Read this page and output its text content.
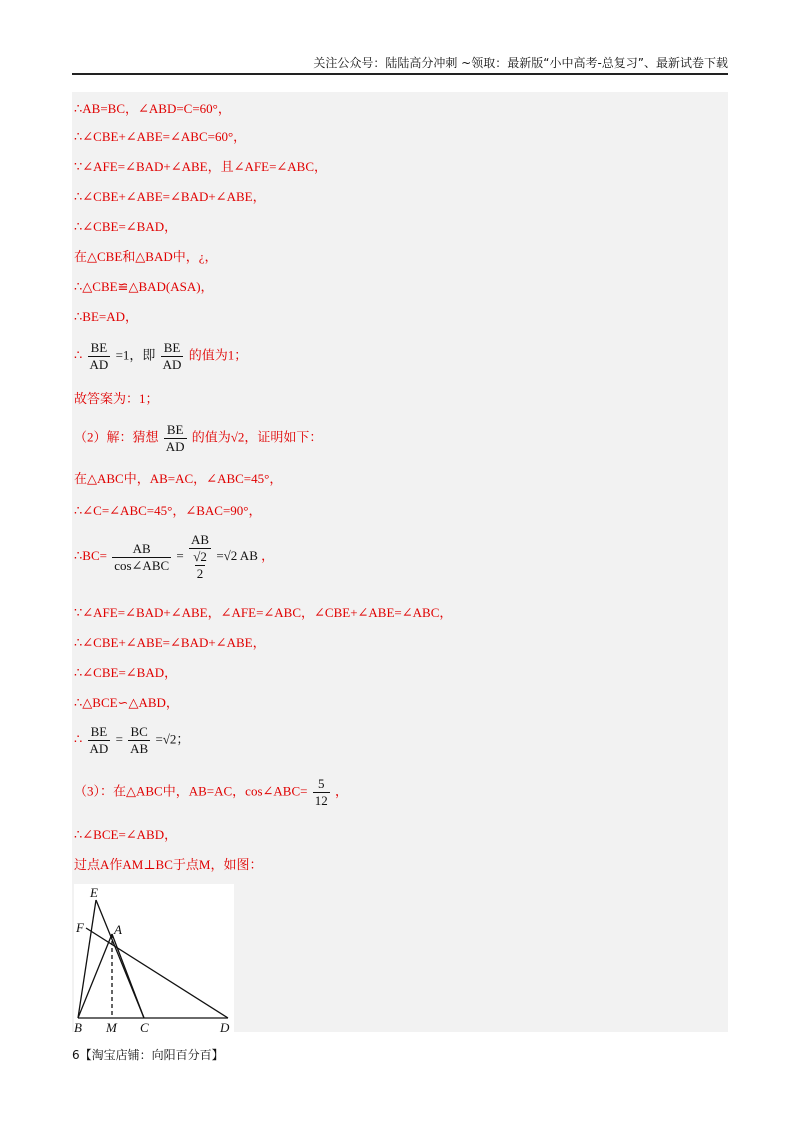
关注公众号：陆陆高分冲刺 ~领取：最新版“小中高考-总复习”、最新试卷下载
∴AB=BC，∠ABD=C=60°，
∴∠CBE+∠ABE=∠ABC=60°，
∵∠AFE=∠BAD+∠ABE，且∠AFE=∠ABC，
∴∠CBE+∠ABE=∠BAD+∠ABE，
∴∠CBE=∠BAD，
在△CBE和△BAD中，¿，
∴△CBE≌△BAD(ASA)，
∴BE=AD，
∴ $\frac{BE}{AD} =1$，即 $\frac{BE}{AD}$ 的值为1；
故答案为：1；
（2）解：猜想 $\frac{BE}{AD}$ 的值为√2，证明如下：
在△ABC中，AB=AC，∠ABC=45°，
∴∠C=∠ABC=45°，∠BAC=90°，
∴BC= $\frac{AB}{\text{cos∠ABC}} = \frac{AB}{\frac{√2}{2}} =√2$ AB ，
∵∠AFE=∠BAD+∠ABE，∠AFE=∠ABC，∠CBE+∠ABE=∠ABC，
∴∠CBE+∠ABE=∠BAD+∠ABE，
∴∠CBE=∠BAD，
∴△BCE∽△ABD，
∴ $\frac{BE}{AD} = \frac{BC}{AB} =√2$；
（3）：在△ABC中，AB=AC，cos∠ABC= $\frac{5}{12}$ ，
∴∠BCE=∠ABD，
过点A作AM⊥BC于点M，如图：
E
F A
B M C	D
6【淘宝店铺：向阳百分百】
